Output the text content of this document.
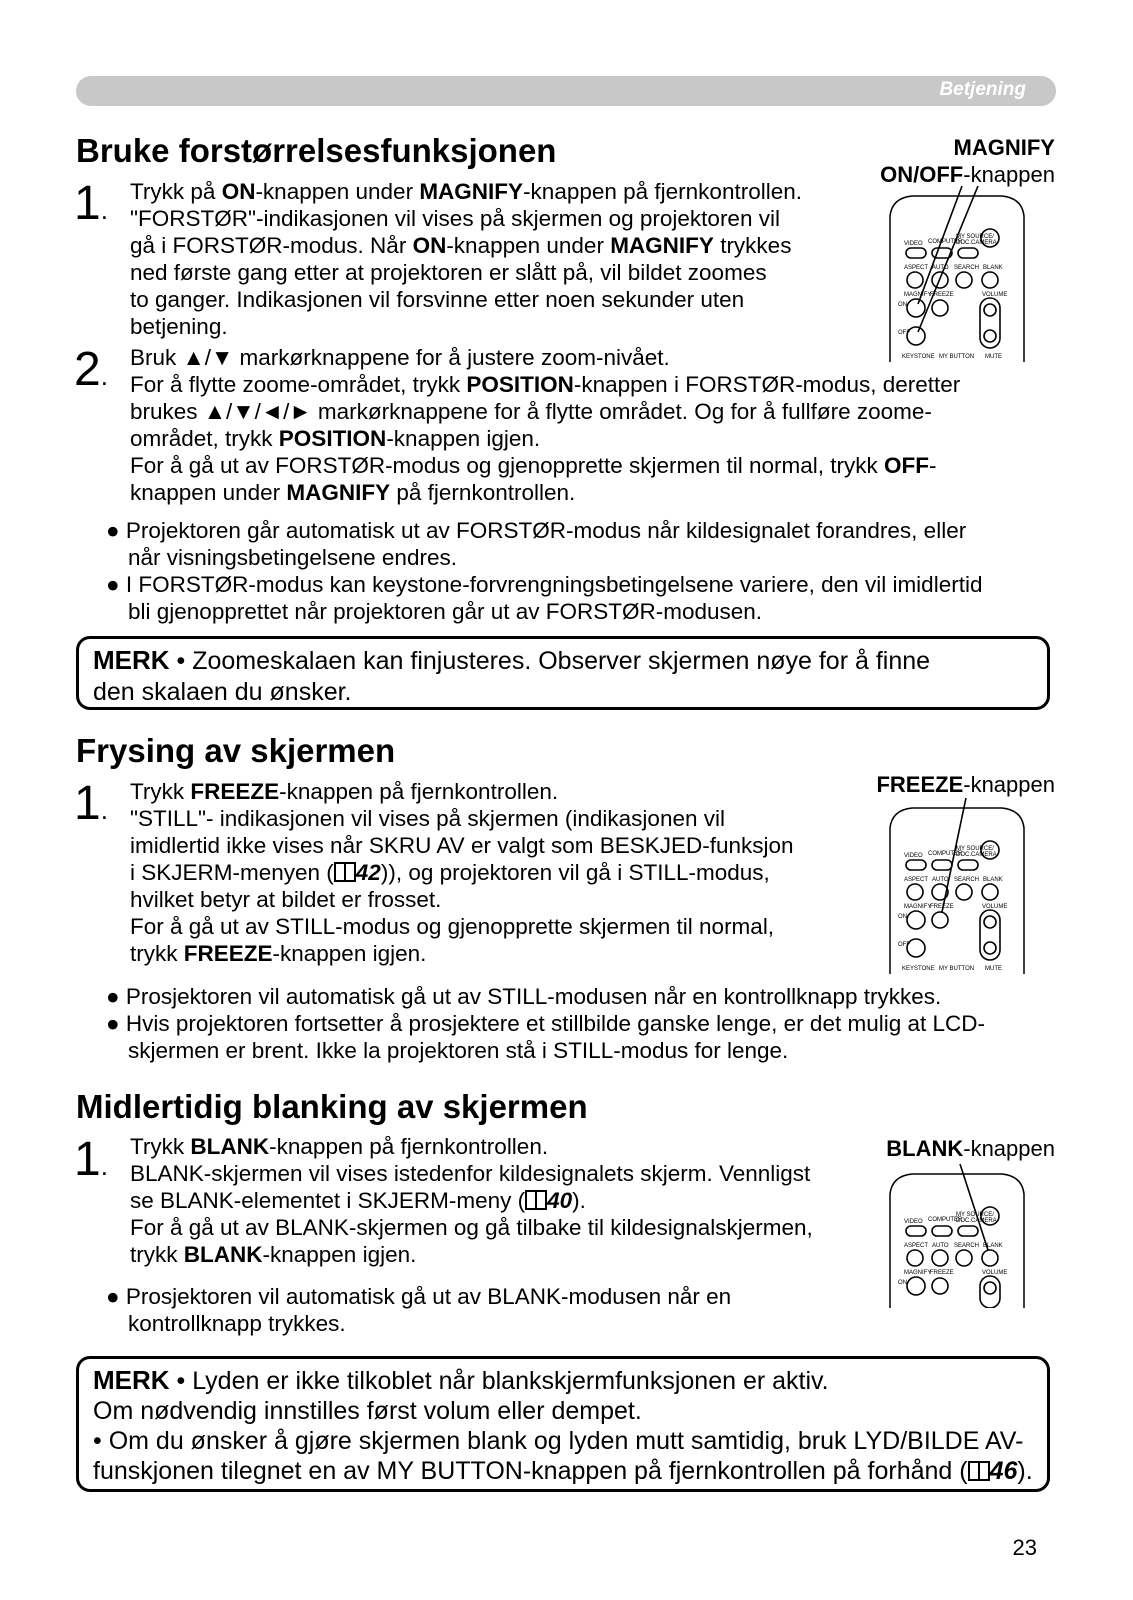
Betjening
Bruke forstørrelsesfunksjonen	MAGNIFY
ON/OFF-knappen
VIDEO COMPUTER
MY SOURCE/
DOC.CAMERA
ASPECT AUTO SEARCH BLANK
MAGNIFY
FREEZE	VOLUME
ON
OFF
KEYSTONE MY BUTTON MUTE
1.
Trykk på ON-knappen under MAGNIFY-knappen på fjernkontrollen.
"FORSTØR"-indikasjonen vil vises på skjermen og projektoren vil
gå i FORSTØR-modus. Når ON-knappen under MAGNIFY trykkes
ned første gang etter at projektoren er slått på, vil bildet zoomes
to ganger. Indikasjonen vil forsvinne etter noen sekunder uten
betjening.
2.
Bruk ▲/▼ markørknappene for å justere zoom-nivået.
For å flytte zoome-området, trykk POSITION-knappen i FORSTØR-modus, deretter
brukes ▲/▼/◄/► markørknappene for å flytte området. Og for å fullføre zoome-
området, trykk POSITION-knappen igjen.
For å gå ut av FORSTØR-modus og gjenopprette skjermen til normal, trykk OFF-
knappen under MAGNIFY på fjernkontrollen.
● Projektoren går automatisk ut av FORSTØR-modus når kildesignalet forandres, eller
når visningsbetingelsene endres.
● I FORSTØR-modus kan keystone-forvrengningsbetingelsene variere, den vil imidlertid
bli gjenopprettet når projektoren går ut av FORSTØR-modusen.
MERK • Zoomeskalaen kan finjusteres. Observer skjermen nøye for å finne
den skalaen du ønsker.
Frysing av skjermen
FREEZE-knappen
VIDEO COMPUTER
MY SOURCE/
DOC.CAMERA
ASPECT AUTO SEARCH BLANK
MAGNIFY
FREEZE	VOLUME
ON
OFF
KEYSTONE MY BUTTON MUTE
1.
Trykk FREEZE-knappen på fjernkontrollen.
"STILL"- indikasjonen vil vises på skjermen (indikasjonen vil
imidlertid ikke vises når SKRU AV er valgt som BESKJED-funksjon
i SKJERM-menyen ( 42)), og projektoren vil gå i STILL-modus,
hvilket betyr at bildet er frosset.
For å gå ut av STILL-modus og gjenopprette skjermen til normal,
trykk FREEZE-knappen igjen.
● Prosjektoren vil automatisk gå ut av STILL-modusen når en kontrollknapp trykkes.
● Hvis projektoren fortsetter å prosjektere et stillbilde ganske lenge, er det mulig at LCD-
skjermen er brent. Ikke la projektoren stå i STILL-modus for lenge.
Midlertidig blanking av skjermen
BLANK-knappen
VIDEO COMPUTER
MY SOURCE/
DOC.CAMERA
ASPECT AUTO SEARCH BLANK
MAGNIFY
FREEZE	VOLUME
ON
1.
Trykk BLANK-knappen på fjernkontrollen.
BLANK-skjermen vil vises istedenfor kildesignalets skjerm. Vennligst
se BLANK-elementet i SKJERM-meny ( 40).
For å gå ut av BLANK-skjermen og gå tilbake til kildesignalskjermen,
trykk BLANK-knappen igjen.
● Prosjektoren vil automatisk gå ut av BLANK-modusen når en
kontrollknapp trykkes.
MERK • Lyden er ikke tilkoblet når blankskjermfunksjonen er aktiv.
Om nødvendig innstilles først volum eller dempet.
• Om du ønsker å gjøre skjermen blank og lyden mutt samtidig, bruk LYD/BILDE AV-
funskjonen tilegnet en av MY BUTTON-knappen på fjernkontrollen på forhånd ( 46).
23
